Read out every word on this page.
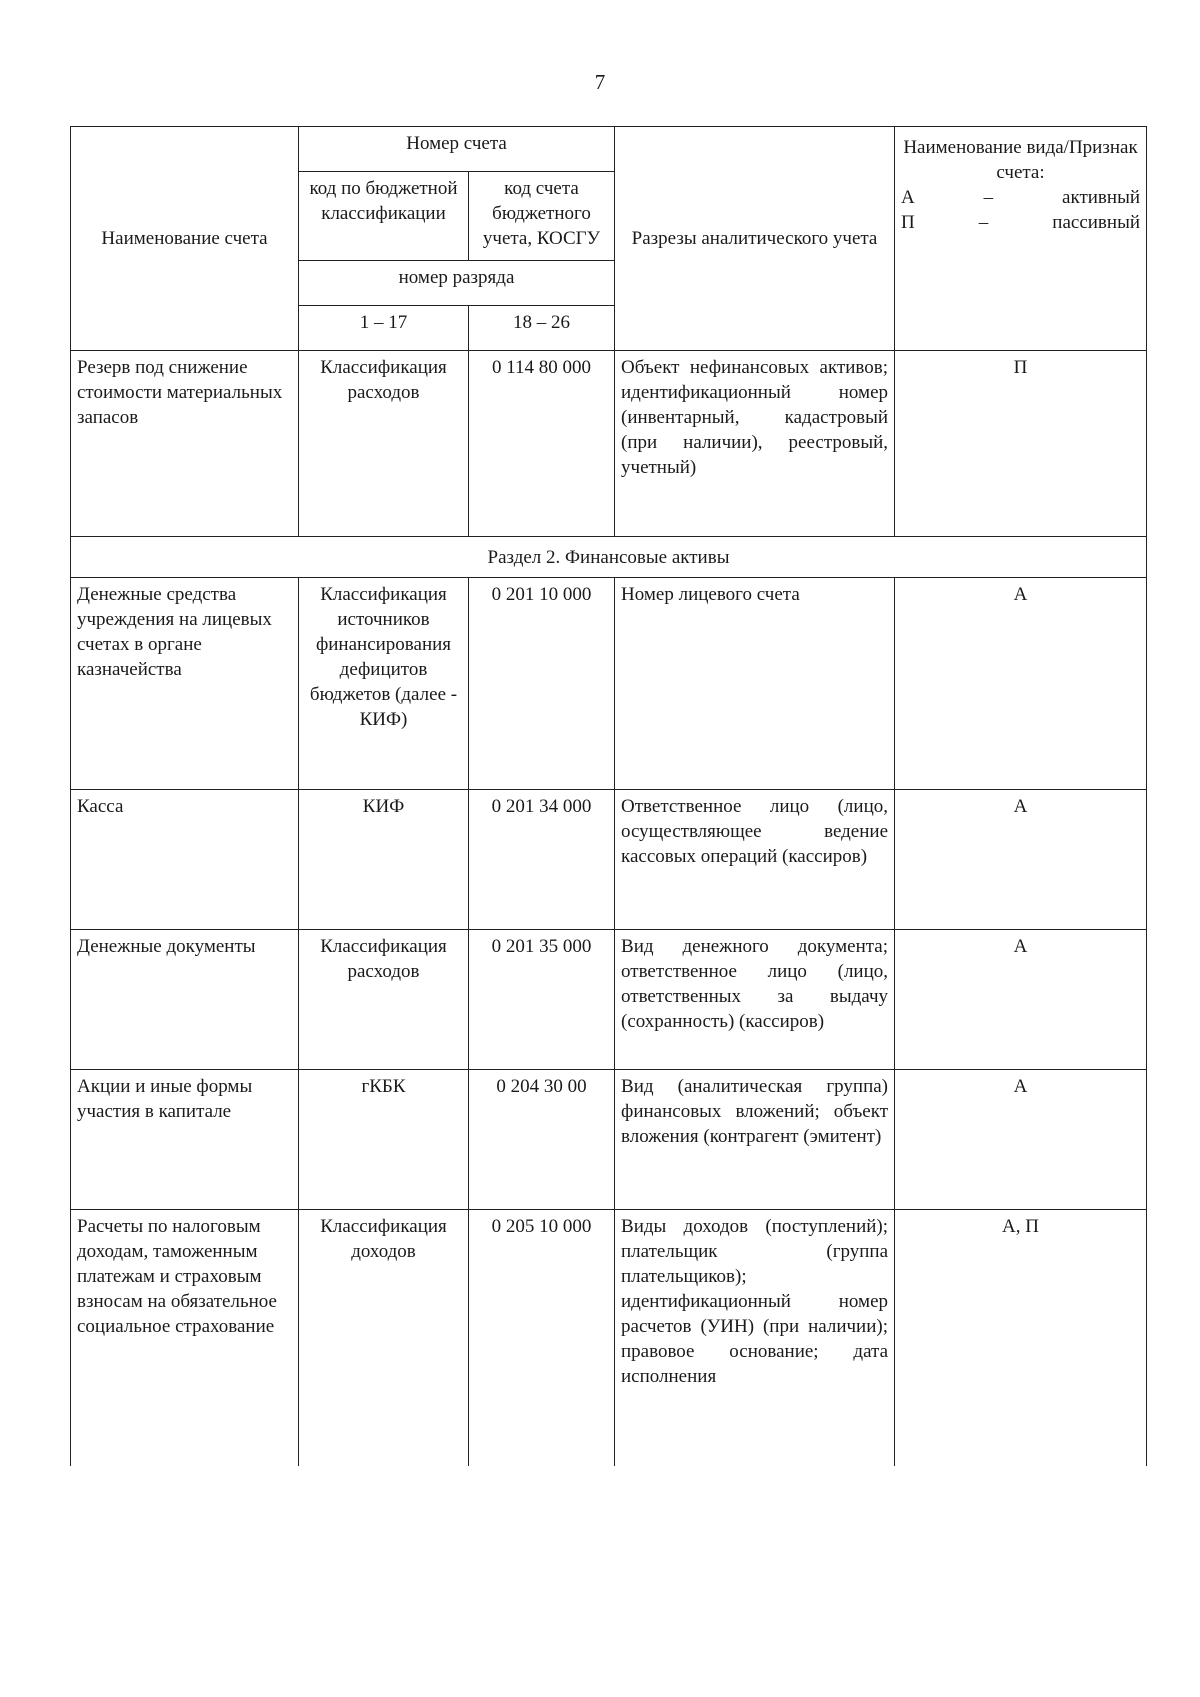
7
Наименование счета	Номер счета		Разрезы аналитического учета	Наименование вида/Признак счета:
А – активный
П – пассивный

	код по бюджетной классификации	код счета бюджетного учета, КОСГУ		
	номер разряда			
	1 – 17	18 – 26		
Резерв под снижение стоимости материальных запасов	Классификация расходов	0 114 80 000	Объект нефинансовых активов; идентификационный номер (инвентарный, кадастровый (при наличии), реестровый, учетный)	П
Раздел 2. Финансовые активы				
Денежные средства учреждения на лицевых счетах в органе казначейства	Классификация источников финансирования дефицитов бюджетов (далее - КИФ)	0 201 10 000	Номер лицевого счета	А
Касса	КИФ	0 201 34 000	Ответственное лицо (лицо, осуществляющее ведение кассовых операций (кассиров)	А
Денежные документы	Классификация расходов	0 201 35 000	Вид денежного документа; ответственное лицо (лицо, ответственных за выдачу (сохранность) (кассиров)	А
Акции и иные формы участия в капитале	гКБК	0 204 30 00	Вид (аналитическая группа) финансовых вложений; объект вложения (контрагент (эмитент)	А
Расчеты по налоговым доходам, таможенным платежам и страховым взносам на обязательное социальное страхование	Классификация доходов	0 205 10 000	Виды доходов (поступлений); плательщик (группа плательщиков); идентификационный номер расчетов (УИН) (при наличии); правовое основание; дата исполнения	А, П
